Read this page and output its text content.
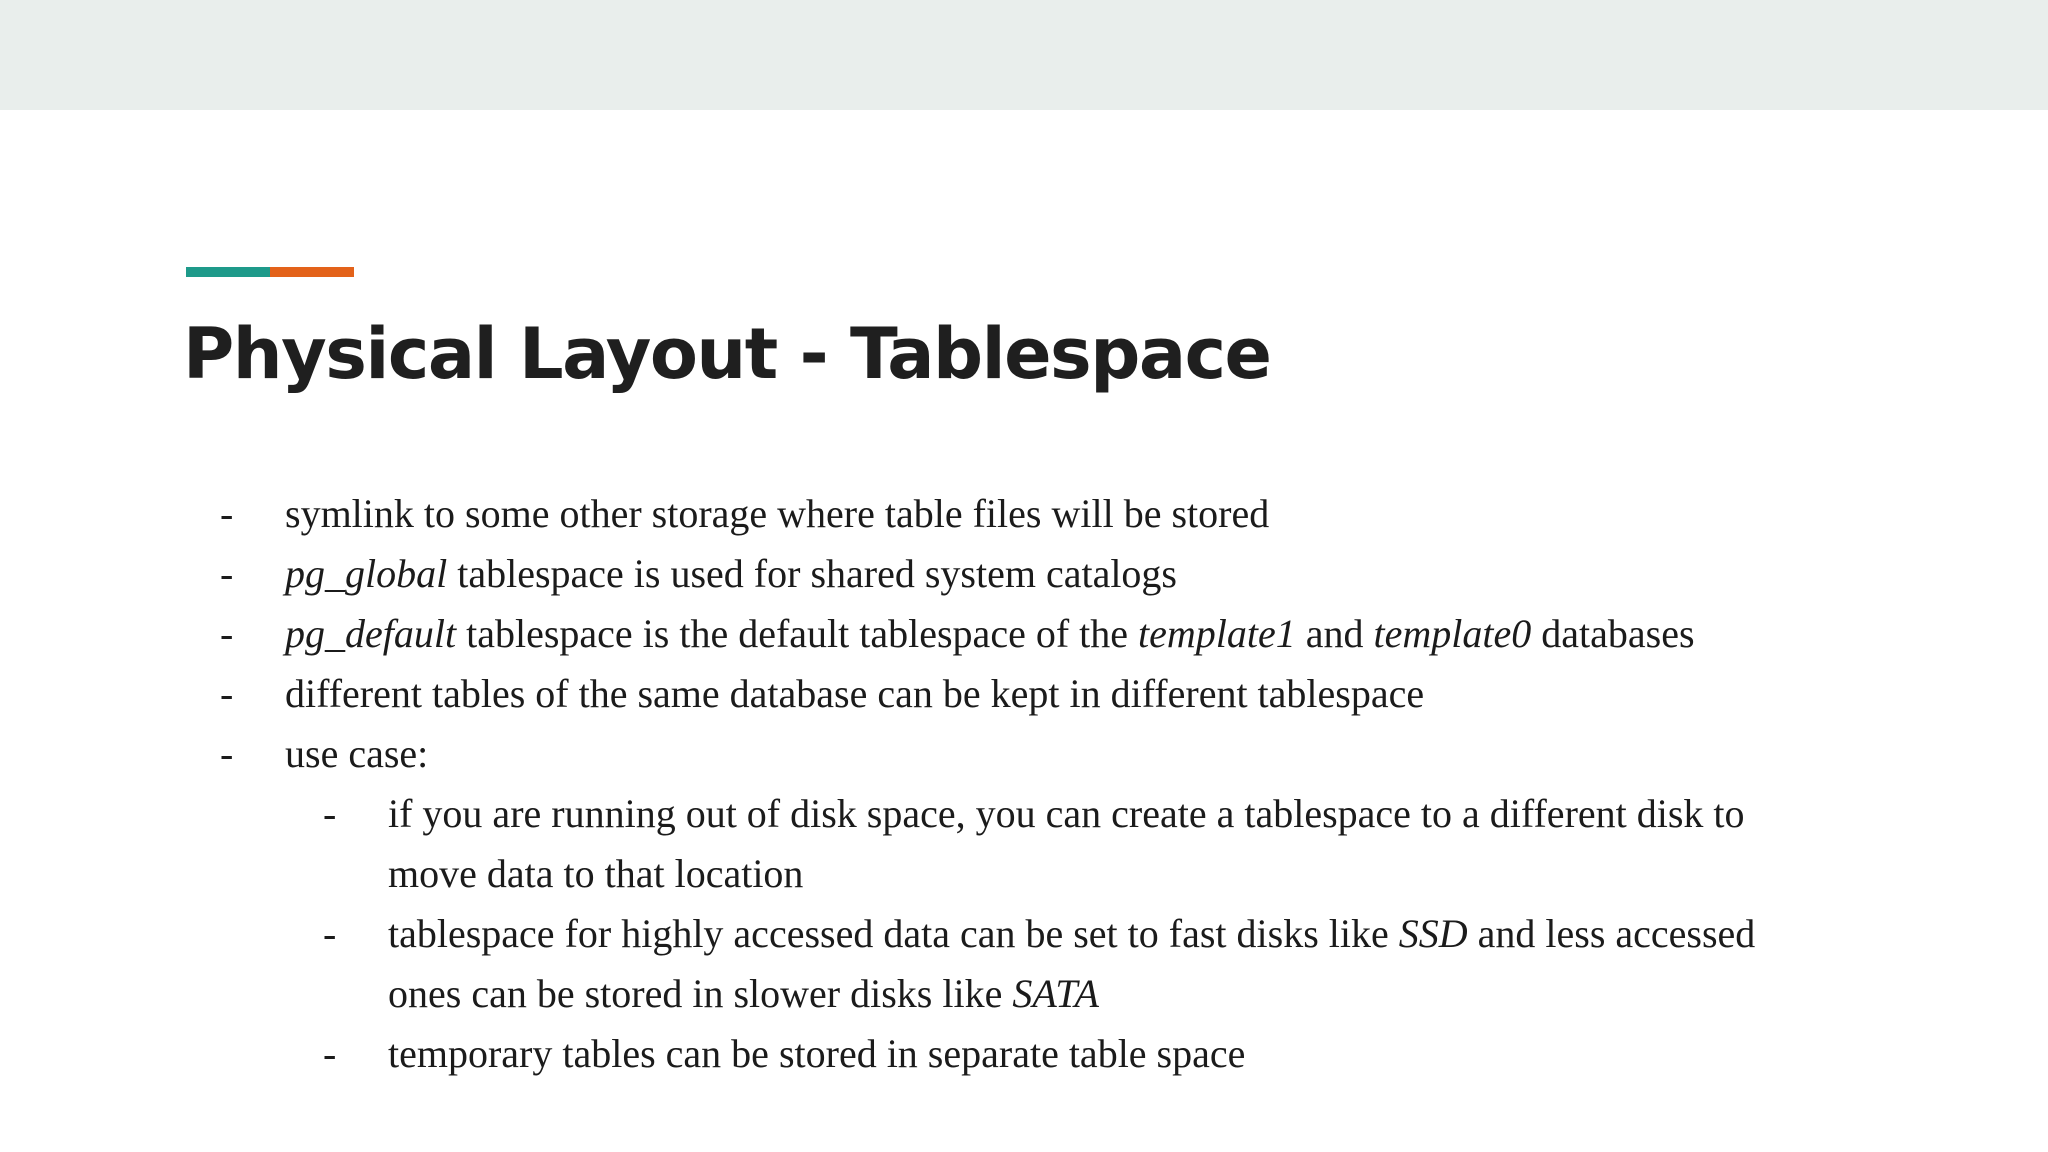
Physical Layout - Tablespace
- symlink to some other storage where table files will be stored
- pg_global tablespace is used for shared system catalogs
- pg_default tablespace is the default tablespace of the template1 and template0 databases
- different tables of the same database can be kept in different tablespace
- use case:
- if you are running out of disk space, you can create a tablespace to a different disk to
move data to that location
- tablespace for highly accessed data can be set to fast disks like SSD and less accessed
ones can be stored in slower disks like SATA
- temporary tables can be stored in separate table space
